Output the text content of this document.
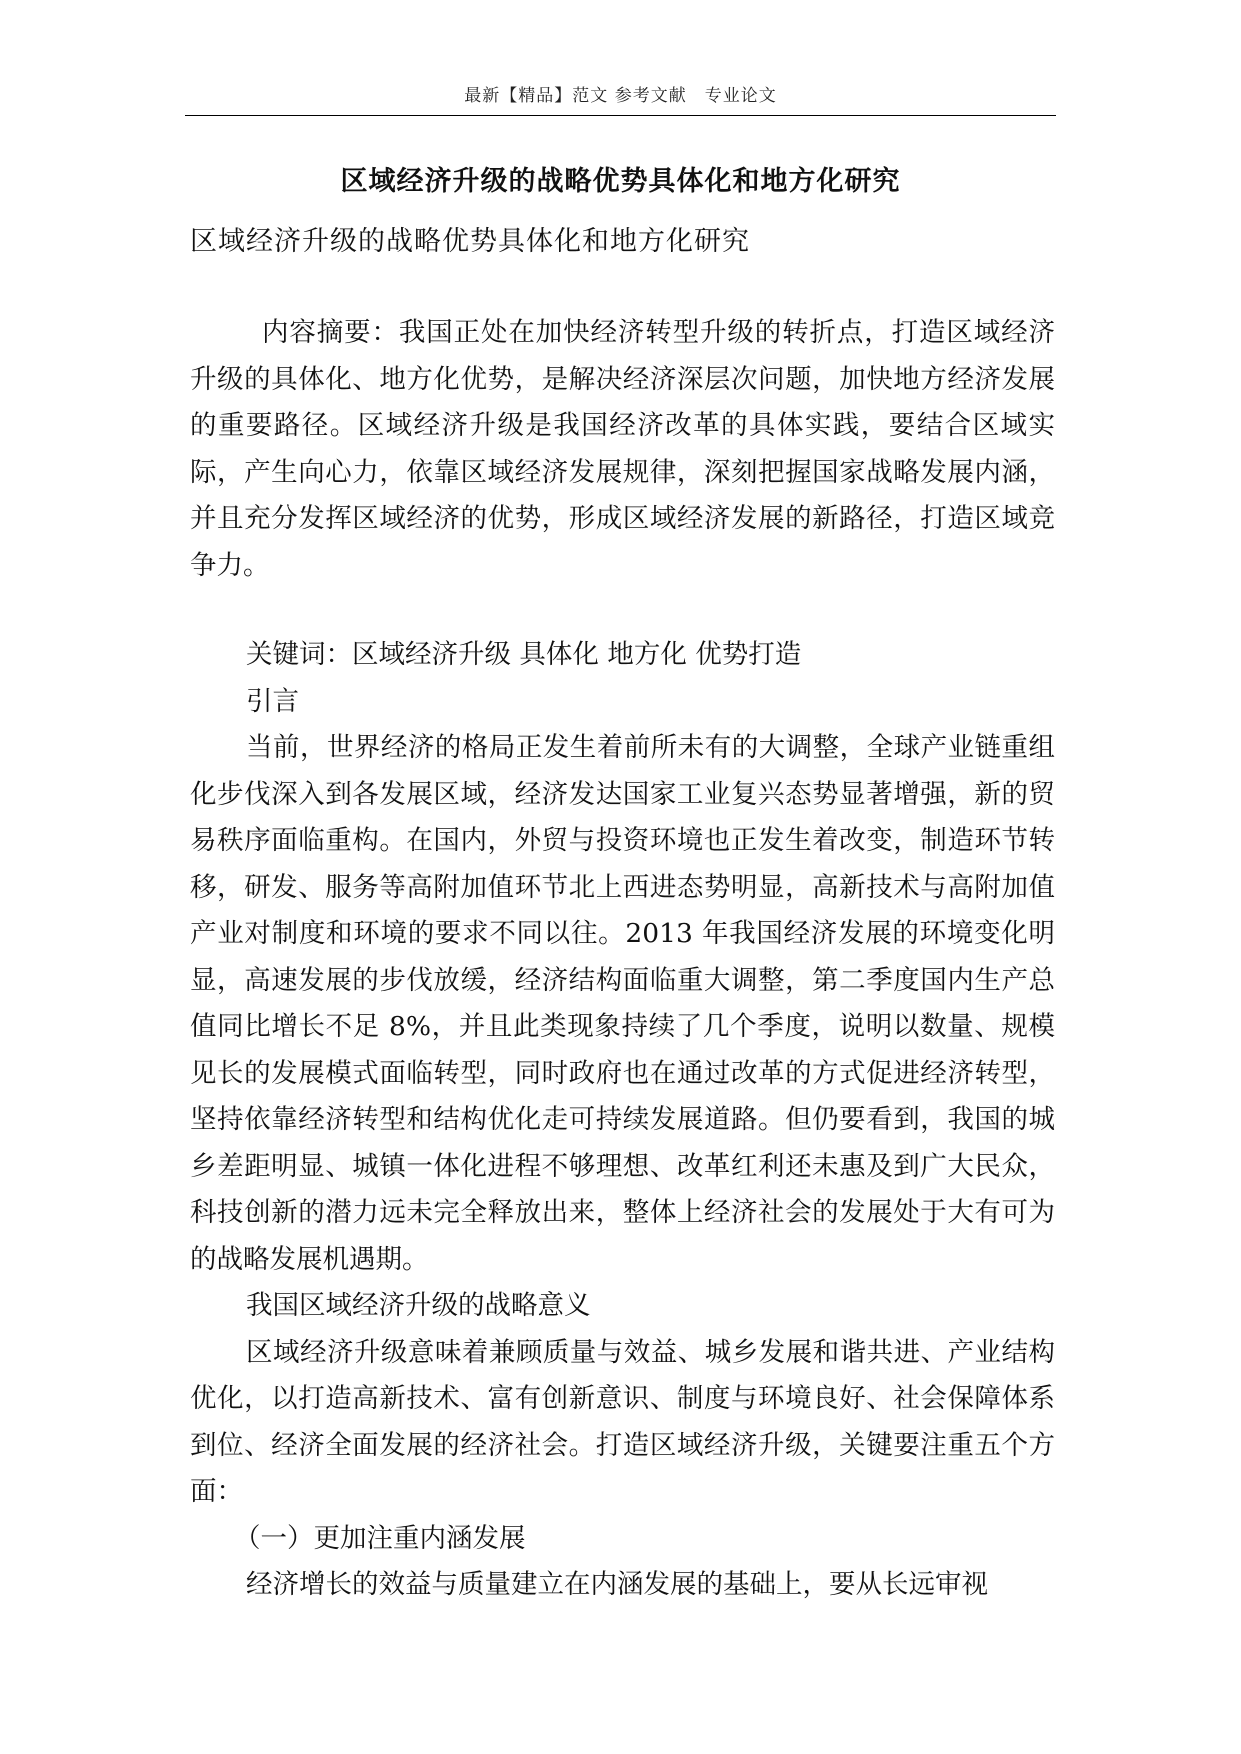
最新【精品】范文 参考文献　专业论文
区域经济升级的战略优势具体化和地方化研究
区域经济升级的战略优势具体化和地方化研究

内容摘要：我国正处在加快经济转型升级的转折点，打造区域经济升级的具体化、地方化优势，是解决经济深层次问题，加快地方经济发展的重要路径。区域经济升级是我国经济改革的具体实践，要结合区域实际，产生向心力，依靠区域经济发展规律，深刻把握国家战略发展内涵，并且充分发挥区域经济的优势，形成区域经济发展的新路径，打造区域竞争力。

关键词：区域经济升级 具体化 地方化 优势打造

引言

当前，世界经济的格局正发生着前所未有的大调整，全球产业链重组化步伐深入到各发展区域，经济发达国家工业复兴态势显著增强，新的贸易秩序面临重构。在国内，外贸与投资环境也正发生着改变，制造环节转移，研发、服务等高附加值环节北上西进态势明显，高新技术与高附加值产业对制度和环境的要求不同以往。2013 年我国经济发展的环境变化明显，高速发展的步伐放缓，经济结构面临重大调整，第二季度国内生产总值同比增长不足 8%，并且此类现象持续了几个季度，说明以数量、规模见长的发展模式面临转型，同时政府也在通过改革的方式促进经济转型，坚持依靠经济转型和结构优化走可持续发展道路。但仍要看到，我国的城乡差距明显、城镇一体化进程不够理想、改革红利还未惠及到广大民众，科技创新的潜力远未完全释放出来，整体上经济社会的发展处于大有可为的战略发展机遇期。

我国区域经济升级的战略意义

区域经济升级意味着兼顾质量与效益、城乡发展和谐共进、产业结构优化，以打造高新技术、富有创新意识、制度与环境良好、社会保障体系到位、经济全面发展的经济社会。打造区域经济升级，关键要注重五个方面：

（一）更加注重内涵发展

经济增长的效益与质量建立在内涵发展的基础上，要从长远审视
